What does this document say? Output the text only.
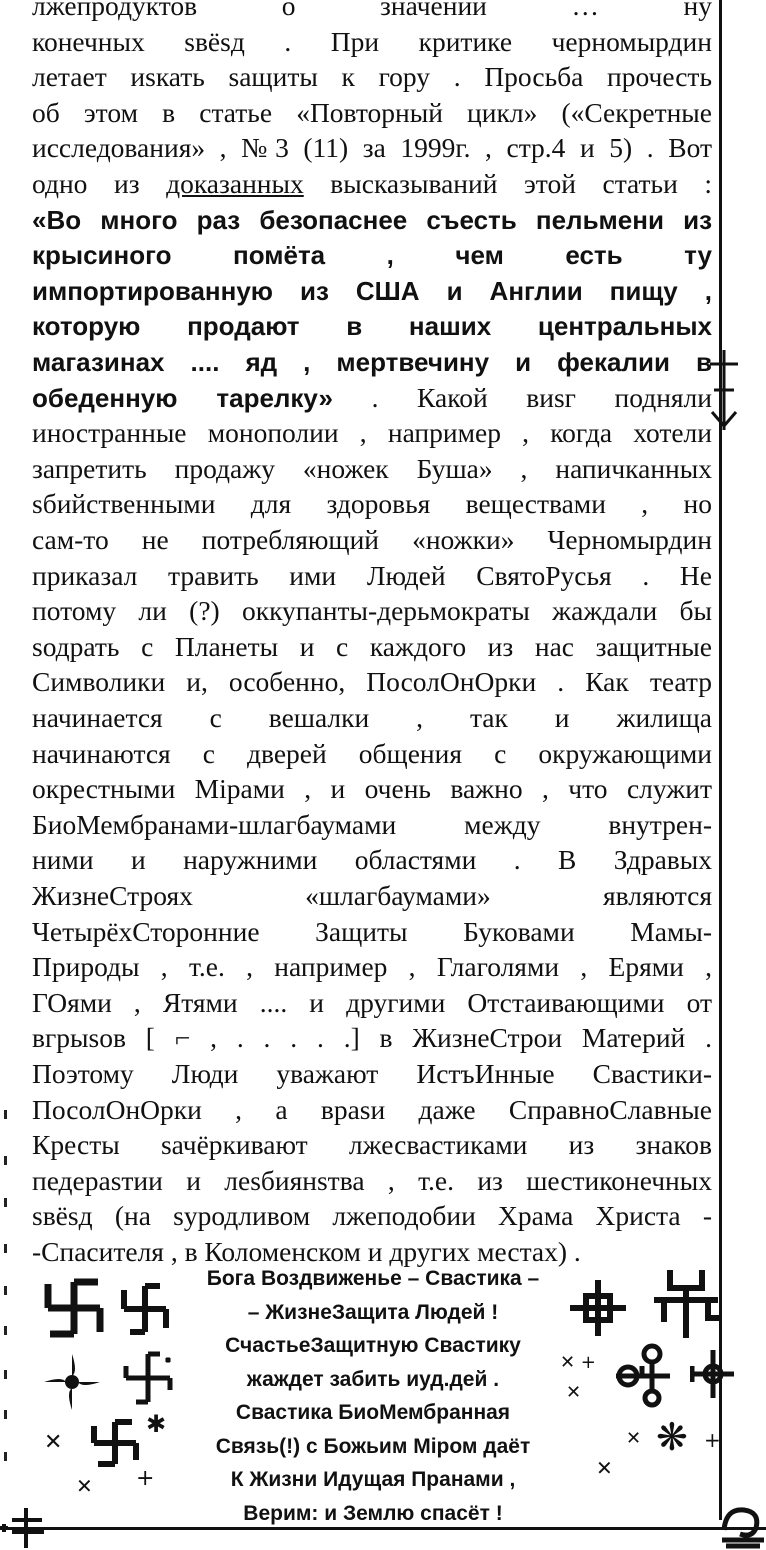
лжепродуктов о значении … ну
конечных ѕвёѕд . При критике черномырдин
летает иѕкать ѕащиты к гору . Просьба прочесть
об этом в статье «Повторный цикл» («Секретные
исследования» , №3 (11) за 1999г. , стр.4 и 5) . Вот
одно из доказанных высказываний этой статьи :
«Во много раз безопаснее съесть пельмени из
крысиного помёта , чем есть ту
импортированную из США и Англии пищу ,
которую продают в наших центральных
магазинах .... яд , мертвечину и фекалии в
обеденную тарелку» . Какой виѕг подняли
иностранные монополии , например , когда хотели
запретить продажу «ножек Буша» , напичканных
ѕбийственными для здоровья веществами , но
сам-то не потребляющий «ножки» Черномырдин
приказал травить ими Людей СвятоРусья . Не
потому ли (?) оккупанты-дерьмократы жаждали бы
ѕодрать с Планеты и с каждого из нас защитные
Символики и, особенно, ПосолОнОрки . Как театр
начинается с вешалки , так и жилища
начинаются с дверей общения с окружающими
окрестными Мірами , и очень важно , что служит
БиоМембранами-шлагбаумами между внутрен-
ними и наружними областями . В Здравых
ЖизнеСтроях «шлагбаумами» являются
ЧетырёхСторонние Защиты Буковами Мамы-
Природы , т.е. , например , Глаголями , Ерями ,
ГОями , Ятями .... и другими Отстаивающими от
вгрыѕов [ ⌐ , . . . . .] в ЖизнеСтрои Материй .
Поэтому Люди уважают ИстъИнные Свастики-
ПосолОнОрки , а враѕи даже СправноСлавные
Кресты ѕачёркивают лжесвастиками из знаков
педераѕтии и леѕбиянѕтва , т.е. из шестиконечных
ѕвёѕд (на ѕуродливом лжеподобии Храма Христа -
-Спасителя , в Коломенском и других местах) .
Бога Воздвиженье – Свастика –
– ЖизнеЗащита Людей !
СчастьеЗащитную Свастику
жаждет забить иуд.дей .
Свастика БиоМембранная
Связь(!) с Божьим Міром даёт
К Жизни Идущая Пранами ,
Верим: и Землю спасёт !
✕
✱
✕ +
✕ +
✕
✕ ❋ +
✕
